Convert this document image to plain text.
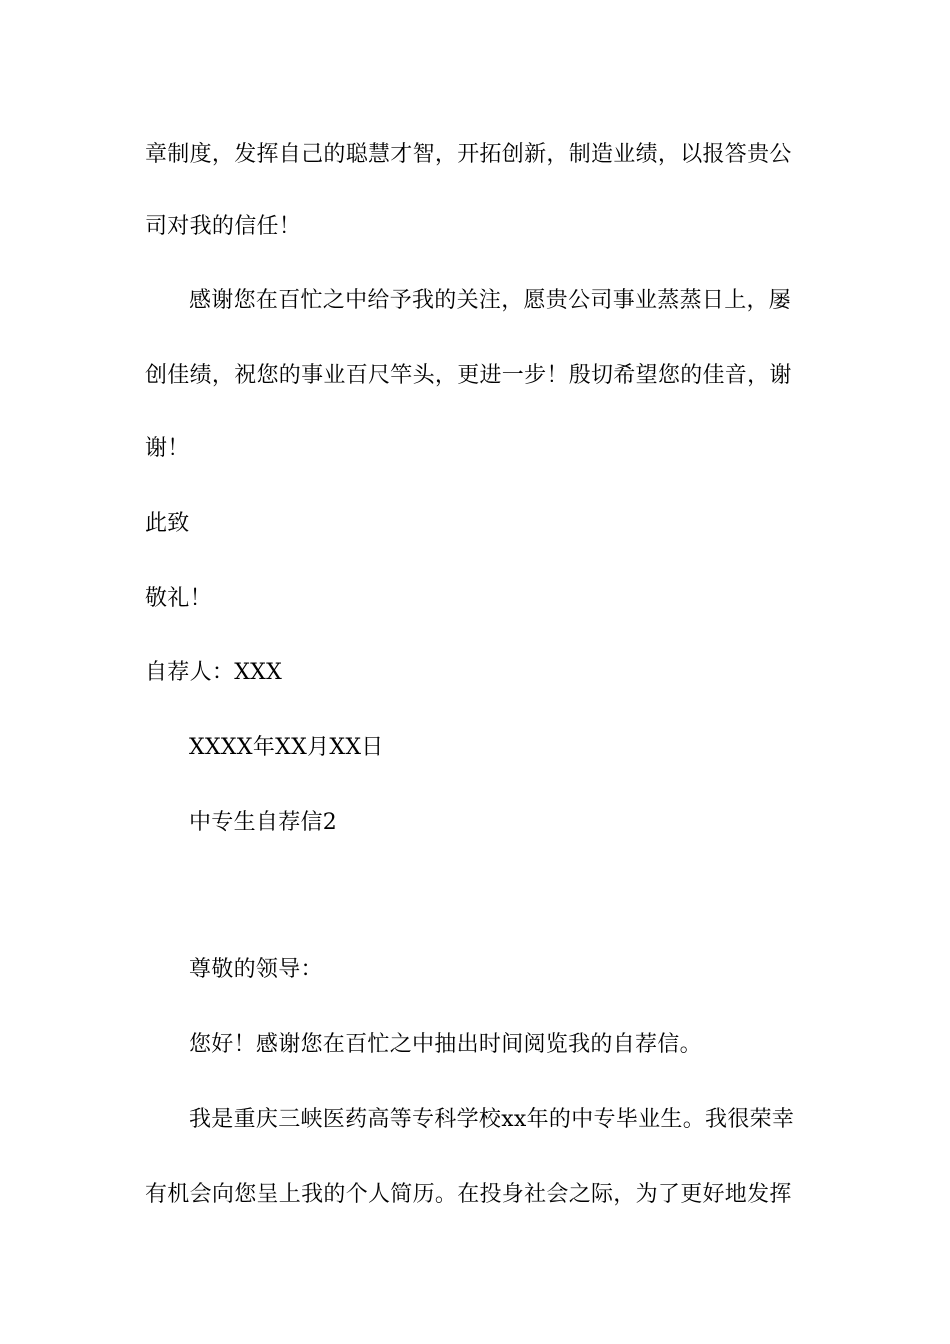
章制度，发挥自己的聪慧才智，开拓创新，制造业绩，以报答贵公
司对我的信任！
感谢您在百忙之中给予我的关注，愿贵公司事业蒸蒸日上，屡
创佳绩，祝您的事业百尺竿头，更进一步！殷切希望您的佳音，谢
谢！
此致
敬礼！
自荐人：XXX
XXXX年XX月XX日
中专生自荐信2
尊敬的领导：
您好！感谢您在百忙之中抽出时间阅览我的自荐信。
我是重庆三峡医药高等专科学校xx年的中专毕业生。我很荣幸
有机会向您呈上我的个人简历。在投身社会之际，为了更好地发挥
